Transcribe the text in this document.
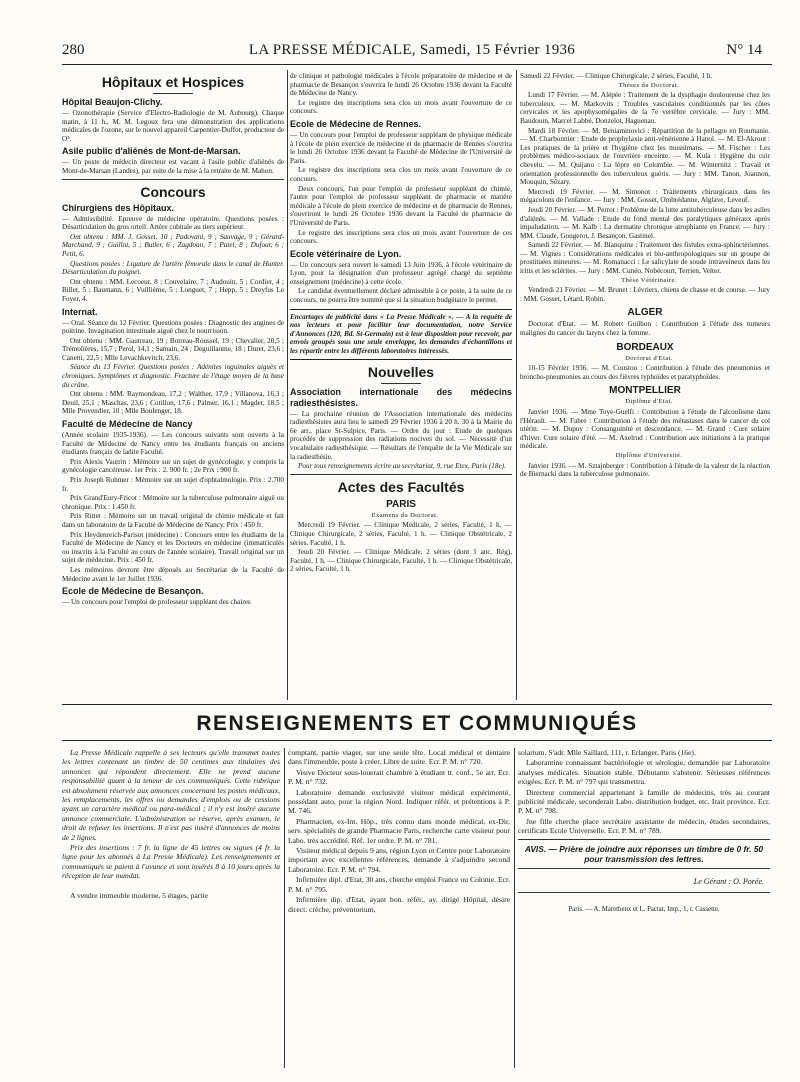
280	LA PRESSE MÉDICALE, Samedi, 15 Février 1936	N° 14
Hôpitaux et Hospices
Hôpital Beaujon-Clichy.

— Ozonothérapie (Service d'Electro-Radiologie de M. Aubourg). Chaque matin, à 11 h., M. M. Legoux fera une démonstration des applications médicales de l'ozone, sur le nouvel appareil Carpentier-Duffot, producteur de O³.

Asile public d'aliénés de Mont-de-Marsan.

— Un poste de médecin directeur est vacant à l'asile public d'aliénés de Mont-de-Marsan (Landes), par suite de la mise à la retraite de M. Mahon.

Concours
Chirurgiens des Hôpitaux.

— Admissibilité. Epreuve de médecine opératoire. Questions posées : Désarticulation du gros orteil. Artère cubitale au tiers supérieur.

Ont obtenu : MM. J. Gosset, 10 ; Padovani, 9 ; Sauvage, 9 ; Gérard-Marchand, 9 ; Guillot, 5 ; Butler, 6 ; Zagdoun, 7 ; Patel, 8 ; Dufour, 6 ; Petit, 6.

Questions posées : Ligature de l'artère fémorale dans le canal de Hunter. Désarticulation du poignet.

Ont obtenu : MM. Lecoeur, 8 ; Couvelaire, 7 ; Audouin, 5 ; Cordier, 4 ; Billet, 5 ; Baumann, 6 ; Vuillième, 5 ; Longuet, 7 ; Hepp, 5 ; Dreyfus Le Foyer, 4.

Internat.

— Oral. Séance du 12 Février. Questions posées : Diagnostic des angines de poitrine. Invagination intestinale aiguë chez le nourrisson.

Ont obtenu : MM. Gautreau, 19 ; Botreau-Roussel, 19 ; Chevalier, 20,5 ; Trémolières, 15,7 ; Perol, 14,1 ; Samain, 24 ; Deguillaume, 18 ; Duret, 23,6 ; Canetti, 22,5 ; Mlle Levachkevitch, 23,6.

Séance du 13 Février. Questions posées : Adénites inguinales aiguës et chroniques. Symptômes et diagnostic. Fracture de l'étage moyen de la base du crâne.

Ont obtenu : MM. Raymondeau, 17,2 ; Walther, 17,9 ; Villanova, 16,3 ; Deuil, 25,1 ; Maschas, 23,6 ; Cotillon, 17,6 ; Palmer, 16,1 ; Magder, 18,5 ; Mlle Provendier, 10 ; Mlle Boulenger, 18.

Faculté de Médecine de Nancy

(Année scolaire 1935-1936). — Les concours suivants sont ouverts à la Faculté de Médecine de Nancy entre les étudiants français ou anciens étudiants français de ladite Faculté.

Prix Alexis Vautrin : Mémoire sur un sujet de gynécologie, y compris la gynécologie cancéreuse. 1er Prix : 2. 900 fr. ; 2e Prix : 900 fr.

Prix Joseph Rohmer : Mémoire sur un sujet d'ophtalmologie. Prix : 2.700 fr.

Prix Grand'Eury-Fricot : Mémoire sur la tuberculose pulmonaire aiguë ou chronique. Prix : 1.450 fr.

Prix Ritter : Mémoire sur un travail original de chimie médicale et fait dans un laboratoire de la Faculté de Médecine de Nancy. Prix : 450 fr.

Prix Heydenreich-Parisot (médecine) : Concours entre les étudiants de la Faculté de Médecine de Nancy et les Docteurs en médecine (immatriculés ou inscrits à la Faculté au cours de l'année scolaire). Travail original sur un sujet de médecine. Prix : 450 fr.

Les mémoires devront être déposés au Secrétariat de la Faculté de Médecine avant le 1er Juillet 1936.

Ecole de Médecine de Besançon.

— Un concours pour l'emploi de professeur suppléant des chaires

de clinique et pathologie médicales à l'école préparatoire de médecine et de pharmacie de Besançon s'ouvrira le lundi 26 Octobre 1936 devant la Faculté de Médecine de Nancy.

Le registre des inscriptions sera clos un mois avant l'ouverture de ce concours.

Ecole de Médecine de Rennes.

— Un concours pour l'emploi de professeur suppléant de physique médicale à l'école de plein exercice de médecine et de pharmacie de Rennes s'ouvrira le lundi 26 Octobre 1936 devant la Faculté de Médecine de l'Université de Paris.

Le registre des inscriptions sera clos un mois avant l'ouverture de ce concours.

Deux concours, l'un pour l'emploi de professeur suppléant de chimie, l'autre pour l'emploi de professeur suppléant de pharmacie et matière médicale à l'école de plein exercice de médecine et de pharmacie de Rennes, s'ouvriront le lundi 26 Octobre 1936 devant la Faculté de pharmacie de l'Université de Paris.

Le registre des inscriptions sera clos un mois avant l'ouverture de ces concours.

Ecole vétérinaire de Lyon.

— Un concours sera ouvert le samedi 13 Juin 1936, à l'école vétérinaire de Lyon, pour la désignation d'un professeur agrégé chargé du septième enseignement (médecine) à cette école.

Le candidat éventuellement déclaré admissible à ce poste, à la suite de ce concours, ne pourra être nommé que si la situation budgétaire le permet.

Encartages de publicité dans « La Presse Médicale ». — A la requête de nos lecteurs et pour faciliter leur documentation, notre Service d'Annonces (120, Bd. St-Germain) est à leur disposition pour recevoir, par envois groupés sous une seule enveloppe, les demandes d'échantillons et les répartir entre les différents laboratoires intéressés.
Nouvelles
Association internationale des médecins radiesthésistes.

— La prochaine réunion de l'Association internationale des médecins radiesthésistes aura lieu le samedi 29 Février 1936 à 20 h. 30 à la Mairie du 6e arr., place St-Sulpice, Paris. — Ordre du jour : Etude de quelques procédés de suppression des radiations nocives du sol. — Nécessité d'un vocabulaire radiesthésique. — Résultats de l'enquête de la Vie Médicale sur la radiesthésie.

Pour tous renseignements écrire au secrétariat, 9, rue Etex, Paris (18e).

Actes des Facultés
PARIS

Examens du Doctorat.

Mercredi 19 Février. — Clinique Médicale, 2 séries, Faculté, 1 h. — Clinique Chirurgicale, 2 séries, Faculté, 1 h. — Clinique Obstétricale, 2 séries, Faculté, 1 h.

Jeudi 20 Février. — Clinique Médicale, 2 séries (dont 1 anc. Rég), Faculté, 1 h. — Clinique Chirurgicale, Faculté, 1 h. — Clinique Obstétricale, 2 séries, Faculté, 1 h.

Samedi 22 Février. — Clinique Chirurgicale, 2 séries, Faculté, 1 h.

Thèses du Doctorat.

Lundi 17 Février. — M. Alépée : Traitement de la dysphagie douloureuse chez les tuberculeux. — M. Markovits : Troubles vasculaires conditionnés par les côtes cervicales et les apophysomégalies de la 7e vertèbre cervicale. — Jury : MM. Baudouin, Marcel Labbé, Donzelot, Haguenau.

Mardi 18 Février. — M. Beniaminovici : Répartition de la pellagre en Roumanie. — M. Charbonnier : Etude de prophylaxie anti-vénérienne à Hanoï. — M. El-Akrout : Les pratiques de la prière et l'hygiène chez les musulmans. — M. Fischer : Les problèmes médico-sociaux de l'ouvrière enceinte. — M. Kula : Hygiène du cuir chevelu. — M. Quijano : La lèpre en Colombie. — M. Winternitz : Travail et orientation professionnelle des tuberculeux guéris. — Jury : MM. Tanon, Joannon, Mouquin, Sézary.

Mercredi 19 Février. — M. Simonot : Traitements chirurgicaux dans les mégacolons de l'enfance. — Jury : MM. Gosset, Ombrédanne, Alglave, Leveuf.

Jeudi 20 Février. — M. Perrot : Problème de la lutte antituberculeuse dans les asiles d'aliénés. — M. Vallade : Etude du fond mental des paralytiques généraux après impaludation. — M. Kalb : La dermatite chronique atrophiante en France. — Jury : MM. Claude, Gougerot, J. Besançon, Gastinel.

Samedi 22 Février. — M. Blanquine : Traitement des fistules extra-sphinctériennes. — M. Vignes : Considérations médicales et bio-anthropologiques sur un groupe de prostituées mineures. — M. Romanacci : Le salicylate de soude intraveineux dans les iritis et les sclérites. — Jury : MM. Cunéo, Nobécourt, Terrien, Velter.

Thèse Vétérinaire.

Vendredi 21 Février. — M. Brunet : Lévriers, chiens de chasse et de course. — Jury : MM. Gosset, Létard, Robin.

ALGER

Doctorat d'Etat. — M. Robert Guilhon : Contribution à l'étude des tumeurs malignes du cancer du larynx chez la femme.

BORDEAUX

Doctorat d'Etat.

10-15 Février 1936. — M. Coustou : Contribution à l'étude des pneumonies et broncho-pneumonies au cours des fièvres typhoïdes et paratyphoïdes.

MONTPELLIER

Diplôme d'Etat.

Janvier 1936. — Mme Toye-Guelfi : Contribution à l'étude de l'alcoolisme dans l'Hérault. — M. Fabre : Contribution à l'étude des métastases dans le cancer du col utérin. — M. Dupuy : Consanguinité et descendance. — M. Grand : Cure solaire d'hiver. Cure solaire d'été. — M. Axelrud : Contribution aux initiations à la pratique médicale.

Diplôme d'Université.

Janvier 1936. — M. Sztajnberger : Contribution à l'étude de la valeur de la réaction de Biernacki dans la tuberculose pulmonaire.

RENSEIGNEMENTS ET COMMUNIQUÉS

La Presse Médicale rappelle à ses lecteurs qu'elle transmet toutes les lettres contenant un timbre de 50 centimes aux titulaires des annonces qui répondent directement. Elle ne prend aucune responsabilité quant à la teneur de ces communiqués. Cette rubrique est absolument réservée aux annonces concernant les postes médicaux, les remplacements, les offres ou demandes d'emplois ou de cessions ayant un caractère médical ou para-médical ; il n'y est inséré aucune annonce commerciale. L'administration se réserve, après examen, le droit de refuser les insertions. Il n'est pas inséré d'annonces de moins de 2 lignes.

Prix des insertions : 7 fr. la ligne de 45 lettres ou signes (4 fr. la ligne pour les abonnés à La Presse Médicale). Les renseignements et communiqués se paient à l'avance et sont insérés 8 à 10 jours après la réception de leur mandat.

A vendre immeuble moderne, 5 étages, partie

comptant, partie viager, sur une seule tête. Local médical et dentaire dans l'immeuble, poste à créer. Libre de suite. Ecr. P. M. n° 720.

Veuve Docteur sous-louerait chambre à étudiant tt. conf., 5e arr. Ecr. P. M. n° 732.

Laboratoire demande exclusivité visiteur médical expérimenté, possédant auto, pour la région Nord. Indiquer référ. et prétentions à P. M. 746.

Pharmacien, ex-Int. Hôp., très connu dans monde médical, ex-Dir. serv. spécialités de grande Pharmacie Paris, recherche carte visiteur pour Labo. très accrédité. Réf. 1er ordre. P. M. n° 781.

Visiteur médical depuis 9 ans, région Lyon et Centre pour Laboratoire important avec excellentes références, demande à s'adjoindre second Laboratoire. Ecr. P. M. n° 794.

Infirmière dipl. d'Etat, 30 ans, cherche emploi France ou Colonie. Ecr. P. M. n° 795.

Infirmière dip. d'Etat, ayant bon. référ., ay. dirigé Hôpital, désire direct. crèche, préventorium,

solarium. S'adr. Mlle Saillard, 111, r. Erlanger, Paris (16e).

Laborantine connaissant bactériologie et sérologie, demandée par Laboratoire analyses médicales. Situation stable. Débutante s'abstenir. Sérieuses références exigées. Ecr. P. M. n° 797 qui transmettra.

Directeur commercial appartenant à famille de médecins, très au courant publicité médicale, seconderait Labo. distribution budget, etc. Irait province. Ecr. P. M. n° 798.

Jne fille cherche place secrétaire assistante de médecin, études secondaires, certificats Ecole Universelle. Ecr. P. M. n° 789.

AVIS. — Prière de joindre aux réponses un timbre de 0 fr. 50 pour transmission des lettres.
Le Gérant : O. Porée.
Paris. — A. Maretheux et L. Pactat, Imp., 1, r. Cassette.
